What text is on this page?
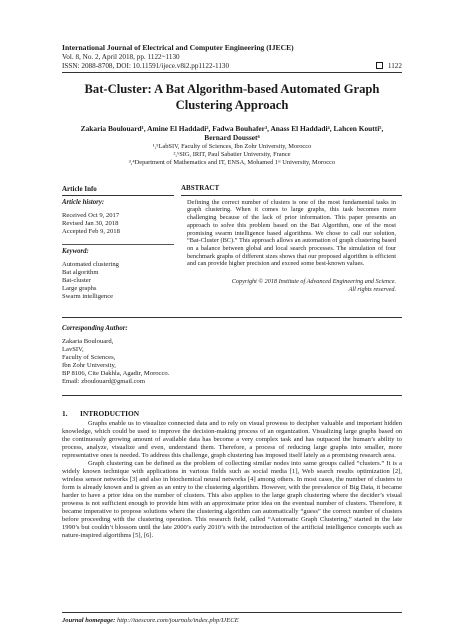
International Journal of Electrical and Computer Engineering (IJECE)
Vol. 8, No. 2, April 2018, pp. 1122~1130
ISSN: 2088-8708, DOI: 10.11591/ijece.v8i2.pp1122-1130	1122
Bat-Cluster: A Bat Algorithm-based Automated Graph
Clustering Approach
Zakaria Boulouard¹, Amine El Haddadi², Fadwa Bouhafer³, Anass El Haddadi⁴, Lahcen Koutti⁵,
Bernard Dousset⁶
¹,⁵LabSIV, Faculty of Sciences, Ibn Zohr University, Morocco
²,⁶SIG, IRIT, Paul Sabatier University, France
³,⁴Department of Mathematics and IT, ENSA, Mohamed 1ˢᵗ University, Morocco
Article Info
Article history:
Received Oct 9, 2017
Revised Jan 30, 2018
Accepted Feb 9, 2018
Keyword:
Automated clustering
Bat algorithm
Bat-cluster
Large graphs
Swarm intelligence
ABSTRACT
Defining the correct number of clusters is one of the most fundamental tasks in graph clustering. When it comes to large graphs, this task becomes more challenging because of the lack of prior information. This paper presents an approach to solve this problem based on the Bat Algorithm, one of the most promising swarm intelligence based algorithms. We chose to call our solution, “Bat-Cluster (BC).” This approach allows an automation of graph clustering based on a balance between global and local search processes. The simulation of four benchmark graphs of different sizes shows that our proposed algorithm is efficient and can provide higher precision and exceed some best-known values.
Copyright © 2018 Institute of Advanced Engineering and Science.
All rights reserved.
Corresponding Author:
Zakaria Boulouard,
LavSIV,
Faculty of Sciences,
Ibn Zohr University,
BP 8106, Cite Dakhla, Agadir, Morocco.
Email: zboulouard@gmail.com
1. INTRODUCTION

Graphs enable us to visualize connected data and to rely on visual prowess to decipher valuable and important hidden knowledge, which could be used to improve the decision-making process of an organization. Visualizing large graphs based on the continuously growing amount of available data has become a very complex task and has outpaced the human’s ability to process, analyze, visualize and even, understand them. Therefore, a process of reducing large graphs into smaller, more representative ones is needed. To address this challenge, graph clustering has imposed itself lately as a promising research area.

Graph clustering can be defined as the problem of collecting similar nodes into same groups called “clusters.” It is a widely known technique with applications in various fields such as social media [1], Web search results optimization [2], wireless sensor networks [3] and also in biochemical neural networks [4] among others. In most cases, the number of clusters to form is already known and is given as an entry to the clustering algorithm. However, with the prevalence of Big Data, it became harder to have a prior idea on the number of clusters. This also applies to the large graph clustering where the decider’s visual prowess is not sufficient enough to provide him with an approximate prior idea on the eventual number of clusters. Therefore, it became imperative to propose solutions where the clustering algorithm can automatically “guess” the correct number of clusters before proceeding with the clustering operation. This research field, called “Automatic Graph Clustering,” started in the late 1990’s but couldn’t blossom until the late 2000’s early 2010’s with the introduction of the artificial intelligence concepts such as nature-inspired algorithms [5], [6].

Journal homepage: http://iaescore.com/journals/index.php/IJECE
